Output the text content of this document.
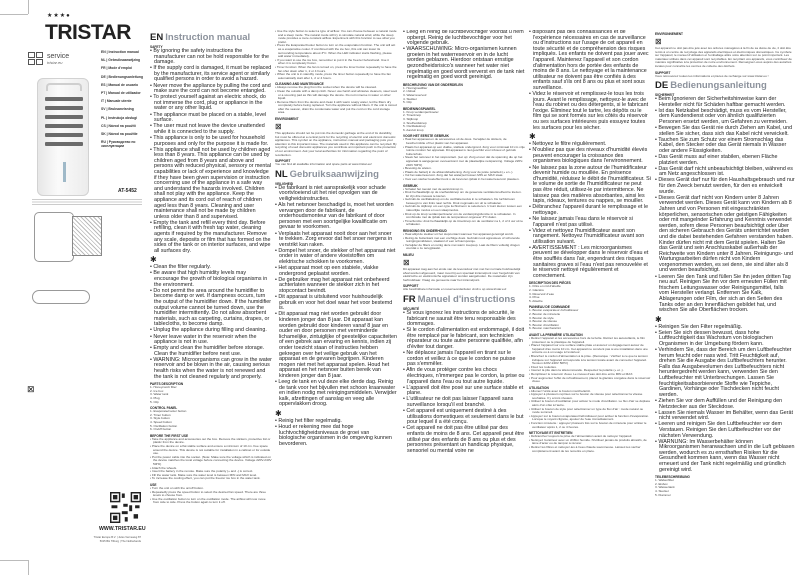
★★★●
TRISTAR
service
tristar.eu
EN | Instruction manual
NL | Gebruiksaanwijzing
FR | Mode d'emploi
DE | Bedienungsanleitung
ES | Manual de usuario
PT | Manual de utilizador
IT | Manuale utente
SV | Bruksanvisning
PL | Instrukcja obsługi
CS | Návod na použití
SK | Návod na použitie
RU | Руководство по эксплуатации
AT-5452
⊠
WWW.TRISTAR.EU
Tristar Europe B.V. | Jules Verneweg 87
5015 BH Tilburg | The Netherlands
EN Instruction manual
SAFETY
• By ignoring the safety instructions the manufacturer can not be hold responsible for the damage.
• If the supply cord is damaged, it must be replaced by the manufacturer, its service agent or similarly qualified persons in order to avoid a hazard.
• Never move the appliance by pulling the cord and make sure the cord can not become entangled.
• To protect yourself against an electric shock, do not immerse the cord, plug or appliance in the water or any other liquid.
• The appliance must be placed on a stable, level surface.
• The user must not leave the device unattended while it is connected to the supply.
• This appliance is only to be used for household purposes and only for the purpose it is made for.
• This appliance shall not be used by children aged less than 8 years. This appliance can be used by children aged from 8 years and above and persons with reduced physical, sensory or mental capabilities or lack of experience and knowledge if they have been given supervision or instruction concerning use of the appliance in a safe way and understand the hazards involved. Children shall not play with the appliance. Keep the appliance and its cord out of reach of children aged less than 8 years. Cleaning and user maintenance shall not be made by children unless older than 8 and supervised.
• Empty the tank and refill every third day. Before refilling, clean it with fresh tap water, cleaning agents if required by the manufacturer. Remove any scale, deposits or film that has formed on the sides of the tank or on interior surfaces, and wipe all surfaces dry.
✱
• Clean the filter regularly.
• Be aware that high humidity levels may encourage the growth of biological organisms in the environment.
• Do not permit the area around the humidifier to become damp or wet. If dampness occurs, turn the output of the humidifier down. If the humidifier output volume cannot be turned down, use the humidifier intermittently. Do not allow absorbent materials, such as carpeting, curtains, drapes, or tablecloths, to become damp.
• Unplug the appliance during filling and cleaning.
• Never leave water in the reservoir when the appliance is not in use.
• Empty and clean the humidifier before storage. Clean the humidifier before next use.
• WARNING: Microorganisms can grow in the water reservoir and be blown in the air, causing serious health risks when the water is not renewed and the tank is not cleaned regularly and properly.
PARTS DESCRIPTION
1. Honeycomb filter
2. Ice box
3. Water tank
4. Plug
5. Clip
CONTROL PANEL
1. Evaporate/cooler button
2. Timer button
3. Style button
4. Speed button
5. Oscillation button
6. On/off button
BEFORE THE FIRST USE
• Take the appliance and accessories out the box. Remove the stickers, protective foil or plastic from the device.
• Place the device on a flat stable surface and ensure a minimum of 10 cm. free space around the device. This device is not suitable for installation in a cabinet or for outside use.
• Put the power cable into the socket. (Note: Make sure the voltage which is indicated on the device matches the local voltage before connecting the device. Voltage 220V-240V 50Hz)
• Attach the wheels.
• Insert the battery in the remote. Make sure the polarity (+ and -) is correct.
• Fill the water tank. Make sure the water level is between MIN and MAX level.
• To increase the cooling effect, you can put the freezer ice box in the water tank.
USE
• Turn the unit on with the on/off button.
• Repeatedly press the speed button to select the desired fan speed. There are three levels to choose from.
• Use the oscillation button to turn on the oscillation mode. The airflow will now move from side to side. Press the button again to turn it off.
• Use the style button to select a type of airflow. You can choose between a natural mode and a sleep mode. The natural mode will try to simulate natural wind, while the sleep mode provides a more constant airflow. Experiment with this function to see what you prefer.
• Press the Evaporate/Cooler button to turn on the evaporation function. The unit will act as a evaporative cooler. If combined with the ice box, this unit can lower its surrounding temperature about 3°C. When the LED indicator starts flashing, please add water immediately.
• If you want to use the ice box, remember to put it in the freezer beforehand. Use it when it is completely frozen.
• Timer function: When the fan is turned on, press the timer button repeatedly to have the fan shut down after 1, 2 or 4 hours.
• When the unit is in standby mode, press the timer button repeatedly to have the fan automatically start after 1, 2 or 4 hours.
CLEANING AND MAINTENANCE
• Always remove the plug from the socket when the device will be cleaned.
• Clean the outside with a damp cloth. Never use harsh and abrasive cleaners, steel wool or a scouring pad as this will damage the device. Do not immerse in water or other liquid.
• Remove filters from the device and clean it with warm soapy water, let the filters dry completely before being replaced. Turn the appliance without filters. If the unit is stored after the season, drain the condensate water and put the cord on the cord storage area.
ENVIRONMENT
⊠
This appliance should not be put into the domestic garbage at the end of its durability, but must be offered at a central point for the recycling of electric and electronic domestic appliances. This symbol on the appliance, instruction manual and packaging puts your attention to this important issue. The materials used in this appliance can be recycled. By recycling of used domestic appliances you contribute an important push to the protection of our environment. Ask your local authorities for information regarding the point of recollection.
SUPPORT
You can find all available information and spare parts at www.tristar.eu!
NL Gebruiksaanwijzing
VEILIGHEID
• De fabrikant is niet aansprakelijk voor schade voortvloeiend uit het niet opvolgen van de veiligheidsinstructies.
• Als het netsnoer beschadigd is, moet het worden vervangen door de fabrikant, de onderhoudsmonteur van de fabrikant of door personen met een soortgelijke kwalificatie om gevaar te voorkomen.
• Verplaats het apparaat nooit door aan het snoer te trekken. Zorg ervoor dat het snoer nergens in verstrikt kan raken.
• Dompel het snoer, de stekker of het apparaat niet onder in water of andere vloeistoffen om elektrische schokken te voorkomen.
• Het apparaat moet op een stabiele, vlakke ondergrond geplaatst worden.
• De gebruiker mag het apparaat niet onbeheerd achterlaten wanneer de stekker zich in het stopcontact bevindt.
• Dit apparaat is uitsluitend voor huishoudelijk gebruik en voor het doel waar het voor bestemd is.
• Dit apparaat mag niet worden gebruikt door kinderen jonger dan 8 jaar. Dit apparaat kan worden gebruikt door kinderen vanaf 8 jaar en ouder en door personen met verminderde lichamelijke, zintuiglijke of geestelijke capaciteiten of een gebrek aan ervaring en kennis, indien zij onder toezicht staan of instructies hebben gekregen over het veilige gebruik van het apparaat en de gevaren begrijpen. Kinderen mogen niet met het apparaat spelen. Houd het apparaat en het netsnoer buiten bereik van kinderen jonger dan 8 jaar.
• Leeg de tank en vul deze elke derde dag. Reinig de tank voor het bijvullen met schoon kraanwater en indien nodig met reinigingsmiddelen. Verwijder kalk, afzettingen of aanslag en veeg alle oppervlakken droog.
✱
• Reinig het filter regelmatig.
• Houd er rekening mee dat hoge luchtvochtigheidsniveaus de groei van biologische organismen in de omgeving kunnen bevorderen.
• Leeg en reinig de luchtbevochtiger voordat u hem opbergt. Reinig de luchtbevochtiger voor het volgende gebruik.
• WAARSCHUWING: Micro-organismen kunnen groeien in het waterreservoir en in de lucht worden geblazen. Hierdoor ontstaan ernstige gezondheidsrisico's wanneer het water niet regelmatig en goed wordt ververst en de tank niet regelmatig en goed wordt gereinigd.
BESCHRIJVING VAN DE ONDERDELEN
1. Honingraatfilter
2. IJsbak
3. Waterreservoir
4. Stekker
5. Clip
BEDIENINGSPANEEL
1. Knop verdamper/koeler
2. Timerknop
3. Stijlknop
4. Snelheidsknop
5. Oscillatieknop
6. Aan/uit knop
VOOR HET EERSTE GEBRUIK
• Haal het apparaat en de accessoires uit de doos. Verwijder de stickers, de beschermfolie of het plastic van het apparaat.
• Plaats het apparaat op een vlakke, stabiele ondergrond. Zorg voor minimaal 10 cm vrije ruimte rondom het apparaat. Dit apparaat is niet geschikt voor inbouw of gebruik buitenshuis.
• Steek het netsnoer in het stopcontact. (Let op: Zorg ervoor dat de spanning die op het apparaat is aangegeven overeenkomt met de plaatselijke netspanning. Voltage 220V-240V 50Hz)
• Bevestig de wielen.
• Plaats de batterij in de afstandsbediening. Zorg voor de juiste polariteit (+ en -).
• Vul het waterreservoir. Zorg dat het waterpeil tussen MIN en MAX staat.
• Voor een sterker koeleffect kunt u de bevroren ijsbak in het waterreservoir plaatsen.
GEBRUIK
• Schakel het toestel met de aan/uit-knop in.
• Druk herhaaldelijk op de snelheidsknop om de gewenste ventilatorsnelheid te kiezen. Er zijn drie niveaus te kiezen.
• Gebruik de oscillatieknop om de oscillatiemodus in te schakelen. De luchtstroom beweegt nu van links naar rechts. Druk nogmaals om uit te schakelen.
• Gebruik de stijlknop om een type luchtstroom te selecteren. U kunt kiezen tussen een natuurlijke modus en een slaapmodus.
• Druk op de knop verdamper/koeler om de verdampingsfunctie in te schakelen. In combinatie met de ijsbak kan de temperatuur ongeveer 3°C dalen.
• Timerfunctie: druk herhaaldelijk op de timerknop om de ventilator na 1, 2 of 4 uur uit te schakelen.
REINIGING EN ONDERHOUD
• Haal altijd de stekker uit het stopcontact wanneer het apparaat gereinigd wordt.
• Reinig de buitenkant met een vochtige doek. Gebruik nooit agressieve of schurende reinigingsmiddelen, staalwol of een schuursponsje.
• Verwijder de filters en reinig deze met warm zeepsop. Laat de filters volledig drogen voordat u ze terugplaatst.
MILIEU
⊠
Dit apparaat mag aan het einde van de levensduur niet met het normale huishoudelijk afval worden afgevoerd, maar moet bij een speciaal inzamelpunt voor hergebruik van elektrische en elektronische apparatuur worden aangeboden. De materialen zijn herbruikbaar. Vraag uw gemeente naar het inzamelpunt.
SUPPORT
Alle beschikbare informatie en reserveonderdelen vindt u op www.tristar.eu!
FR Manuel d'instructions
SÉCURITÉ
• Si vous ignorez les instructions de sécurité, le fabricant ne saurait être tenu responsable des dommages.
• Si le cordon d'alimentation est endommagé, il doit être remplacé par le fabricant, son technicien réparateur ou toute autre personne qualifiée, afin d'éviter tout danger.
• Ne déplacez jamais l'appareil en tirant sur le cordon et veillez à ce que le cordon ne puisse pas s'emmêler.
• Afin de vous protéger contre les chocs électriques, n'immergez pas le cordon, la prise ou l'appareil dans l'eau ou tout autre liquide.
• L'appareil doit être posé sur une surface stable et plane.
• L'utilisateur ne doit pas laisser l'appareil sans surveillance lorsqu'il est branché.
• Cet appareil est uniquement destiné à des utilisations domestiques et seulement dans le but pour lequel il a été conçu.
• Cet appareil ne doit pas être utilisé par des enfants de moins de 8 ans. Cet appareil peut être utilisé par des enfants de 8 ans ou plus et des personnes présentant un handicap physique, sensoriel ou mental voire ne
• disposant pas des connaissances et de l'expérience nécessaires en cas de surveillance ou d'instructions sur l'usage de cet appareil en toute sécurité et de compréhension des risques impliqués. Les enfants ne doivent pas jouer avec l'appareil. Maintenez l'appareil et son cordon d'alimentation hors de portée des enfants de moins de 8 ans. Le nettoyage et la maintenance utilisateur ne doivent pas être confiés à des enfants sauf s'ils ont 8 ans ou plus et sont sous surveillance.
• Videz le réservoir et remplissez-le tous les trois jours. Avant le remplissage, nettoyez-le avec de l'eau du robinet ou des détergents, si le fabricant l'exige. Éliminez tout le tartre, les dépôts ou le film qui se sont formés sur les côtés du réservoir ou ses surfaces intérieures puis essuyez toutes les surfaces pour les sécher.
✱
• Nettoyez le filtre régulièrement.
• N'oubliez pas que des niveaux d'humidité élevés peuvent encourager la croissance des organismes biologiques dans l'environnement.
• Ne laissez pas la zone autour de l'humidificateur devenir humide ou mouillée. En présence d'humidité, réduisez le débit de l'humidificateur. Si le volume de sortie de l'humidificateur ne peut pas être réduit, utilisez-le par intermittence. Ne laissez pas des matières absorbantes, ainsi les tapis, rideaux, tentures ou nappes, se mouiller.
• Débranchez l'appareil durant le remplissage et le nettoyage.
• Ne laissez jamais l'eau dans le réservoir si l'appareil n'est pas utilisé.
• Videz et nettoyez l'humidificateur avant son rangement. Nettoyez l'humidificateur avant son utilisation suivant.
• AVERTISSEMENT : Les microorganismes peuvent se développer dans le réservoir d'eau et être soufflés dans l'air, engendrant des risques sanitaires graves si l'eau n'est pas renouvelée et le réservoir nettoyé régulièrement et correctement.
DESCRIPTION DES PIÈCES
1. Filtre en nid d'abeille
2. Glacière
3. Réservoir d'eau
4. Prise
5. Attache
PANNEAU DE COMMANDE
1. Bouton évaporateur /refroidisseur
2. Bouton de minuterie
3. Bouton de style
4. Bouton de vitesse
5. Bouton d'oscillation
6. Bouton marche/arrêt
AVANT LA PREMIÈRE UTILISATION
• Retirez l'appareil et les accessoires hors de la boîte. Retirez les autocollants, le film protecteur ou le plastique de l'appareil.
• Placez l'appareil sur une surface stable plate et assurez un dégagement autour de l'appareil d'au moins 10 cm. Cet appareil ne convient pas à une installation dans une armoire ou à un usage à l'extérieur.
• Branchez le cordon d'alimentation à la prise. (Remarque : Vérifiez à ce que la tension indiquée sur l'appareil corresponde à la tension locale avant de connecter l'appareil. Tension 220V-240V 50Hz)
• Fixez les roulettes.
• Insérez la pile dans la télécommande. Respectez la polarité (+ et -).
• Remplissez le réservoir d'eau. Le niveau d'eau doit être entre MIN et MAX.
• Pour augmenter l'effet de refroidissement, placez la glacière congelée dans le réservoir d'eau.
UTILISATION
• Allumez l'unité avec le bouton marche/arrêt.
• Appuyez à plusieurs reprises sur le bouton de vitesse pour sélectionner la vitesse souhaitée. Il y a trois niveaux.
• Utilisez le bouton d'oscillation pour activer le mode d'oscillation. Le flux d'air se déplace alors d'un côté à l'autre.
• Utilisez le bouton de style pour sélectionner un type de flux d'air : mode naturel ou mode sommeil.
• Appuyez sur le bouton évaporateur/refroidisseur pour activer la fonction d'évaporation. Lorsque le voyant clignote, ajoutez de l'eau immédiatement.
• Fonction minuterie : appuyez plusieurs fois sur le bouton de minuterie pour arrêter le ventilateur après 1, 2 ou 4 heures.
NETTOYAGE ET ENTRETIEN
• Débranchez toujours la prise de l'alimentation avant de nettoyer l'appareil.
• Nettoyez l'extérieur avec un chiffon humide. N'utilisez jamais de produits abrasifs, de laine d'acier ou de tampon à récurer.
• Retirez les filtres et nettoyez-les à l'eau chaude savonneuse. Laissez-les sécher complètement avant de les remettre en place.
ENVIRONNEMENT
⊠
Cet appareil ne doit pas être jeté avec les ordures ménagères à la fin de sa durée de vie, il doit être remis à un centre de recyclage des appareils électriques et électroniques domestiques. Ce symbole sur l'appareil, le manuel d'utilisation et l'emballage attire votre attention sur ce point important. Les matériaux utilisés dans cet appareil sont recyclables. En recyclant vos appareils, vous contribuez de manière significative à la protection de notre environnement. Renseignez-vous auprès des autorités locales pour connaître les centres de collecte des déchets.
SUPPORT
Vous retrouverez toutes les informations et pièces de rechange sur www.tristar.eu !
DE Bedienungsanleitung
SICHERHEIT
• Beim Ignorieren der Sicherheitshinweise kann der Hersteller nicht für Schäden haftbar gemacht werden.
• Ist das Netzkabel beschädigt, muss es vom Hersteller, dem Kundendienst oder von ähnlich qualifizierten Personen ersetzt werden, um Gefahren zu vermeiden.
• Bewegen Sie das Gerät nie durch Ziehen am Kabel, und stellen Sie sicher, dass sich das Kabel nicht verwickelt.
• Tauchen Sie zum Schutz vor einem Stromschlag das Kabel, den Stecker oder das Gerät niemals in Wasser oder andere Flüssigkeiten.
• Das Gerät muss auf einer stabilen, ebenen Fläche platziert werden.
• Das Gerät darf nicht unbeaufsichtigt bleiben, während es am Netz angeschlossen ist.
• Dieses Gerät darf nur für den Haushaltsgebrauch und nur für den Zweck benutzt werden, für den es entwickelt wurde.
• Dieses Gerät darf nicht von Kindern unter 8 Jahren verwendet werden. Dieses Gerät kann von Kindern ab 8 Jahren und von Personen mit eingeschränkten körperlichen, sensorischen oder geistigen Fähigkeiten oder mit mangelnder Erfahrung und Kenntnis verwendet werden, sofern diese Personen beaufsichtigt oder über den sicheren Gebrauch des Geräts unterrichtet wurden und die dabei bestehenden Gefahren verstanden haben. Kinder dürfen nicht mit dem Gerät spielen. Halten Sie das Gerät und sein Anschlusskabel außerhalb der Reichweite von Kindern unter 8 Jahren. Reinigungs- und Wartungsarbeiten dürfen nicht von Kindern vorgenommen werden, es sei denn, sie sind älter als 8 und werden beaufsichtigt.
• Leeren Sie den Tank und füllen Sie ihn jeden dritten Tag neu auf. Reinigen Sie ihn vor dem erneuten Füllen mit frischem Leitungswasser oder Reinigungsmittel, falls vom Hersteller verlangt. Entfernen Sie Kalk, Ablagerungen oder Film, der sich an den Seiten des Tanks oder an den Innenflächen gebildet hat, und wischen Sie alle Oberflächen trocken.
✱
• Reinigen Sie den Filter regelmäßig.
• Seien Sie sich dessen bewusst, dass hohe Luftfeuchtigkeit das Wachstum von biologischen Organismen in der Umgebung fördern kann.
• Verhindern Sie, dass der Bereich um den Luftbefeuchter herum feucht oder nass wird. Tritt Feuchtigkeit auf, drehen Sie die Ausgabe des Luftbefeuchters herunter. Falls das Ausgabevolumen des Luftbefeuchters nicht heruntergedreht werden kann, verwenden Sie den Luftbefeuchter mit Unterbrechungen. Lassen Sie feuchtigkeitsabsorbierende Stoffe wie Teppiche, Gardinen, Vorhänge oder Tischdecken nicht feucht werden.
• Ziehen Sie vor dem Auffüllen und der Reinigung den Netzstecker aus der Steckdose.
• Lassen Sie niemals Wasser im Behälter, wenn das Gerät nicht verwendet wird.
• Leeren und reinigen Sie den Luftbefeuchter vor dem Verstauen. Reinigen Sie den Luftbefeuchter vor der nächsten Verwendung.
• WARNUNG: Im Wasserbehälter können Mikroorganismen heranwachsen und in die Luft geblasen werden, wodurch es zu ernsthaften Risiken für die Gesundheit kommen kann, wenn das Wasser nicht erneuert und der Tank nicht regelmäßig und gründlich gereinigt wird.
TEILEBESCHREIBUNG
1. Wabenfilter
2. Eisbox
3. Wassertank
4. Stecker
5. Klammer
